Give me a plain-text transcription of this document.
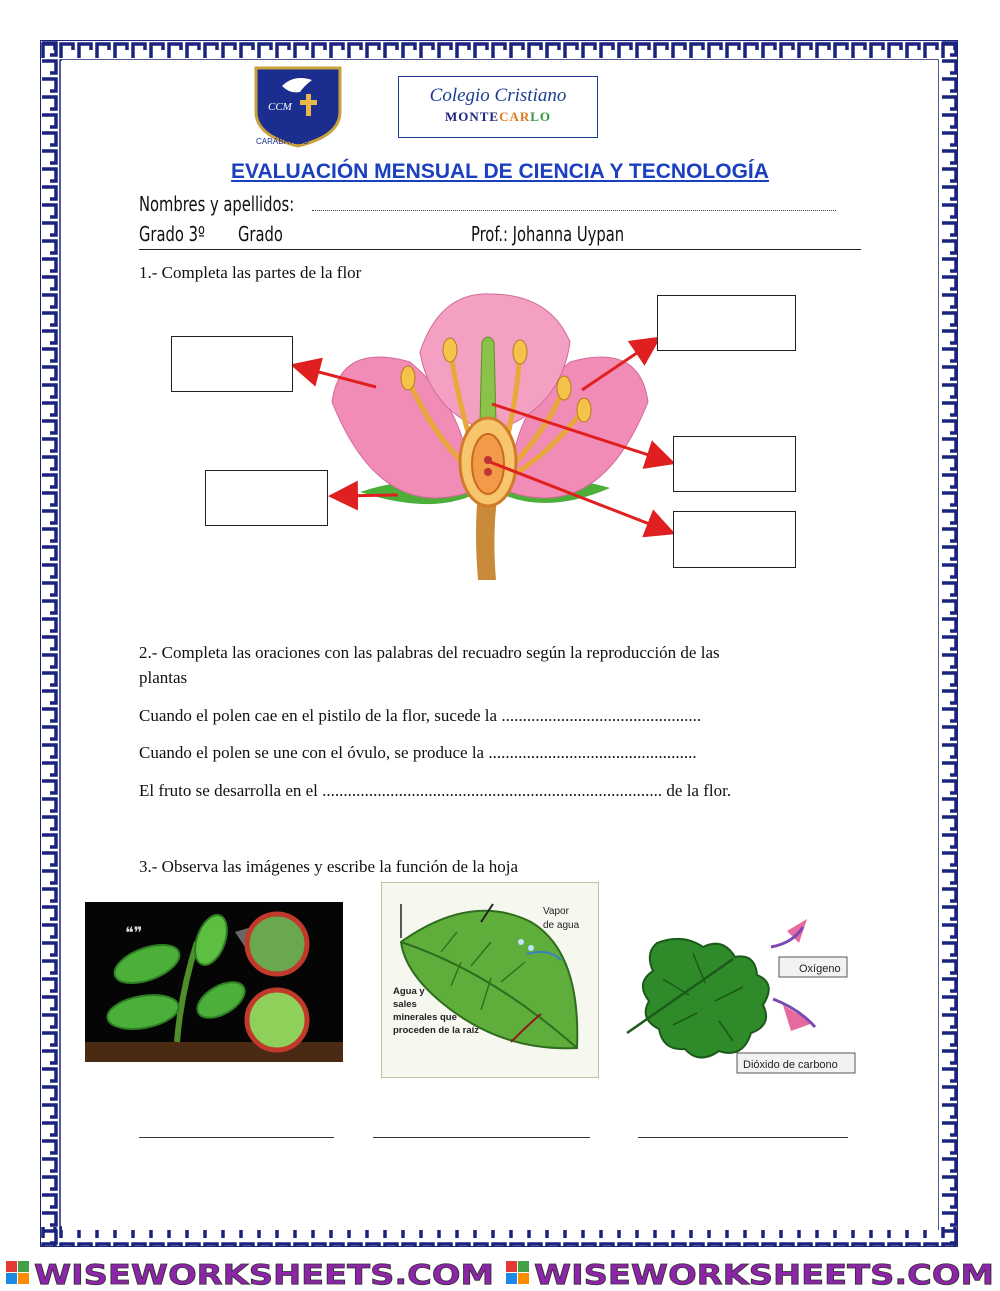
CCM
CARABAYLLO
Colegio Cristiano
MONTECARLO
EVALUACIÓN MENSUAL DE CIENCIA Y TECNOLOGÍA
Nombres y apellidos:
Grado 3º Grado	Prof.: Johanna Uypan
1.- Completa las partes de la flor
2.- Completa las oraciones con las palabras del recuadro según la reproducción de las
plantas
Cuando el polen cae en el pistilo de la flor, sucede la ...............................................
Cuando el polen se une con el óvulo, se produce la .................................................
El fruto se desarrolla en el ................................................................................ de la flor.
3.- Observa las imágenes y escribe la función de la hoja
❝❞
Vapor
de agua
Agua y
sales
minerales que
proceden de la raíz
Oxígeno
Dióxido de carbono
WISEWORKSHEETS.COM WISEWORKSHEETS.COM
